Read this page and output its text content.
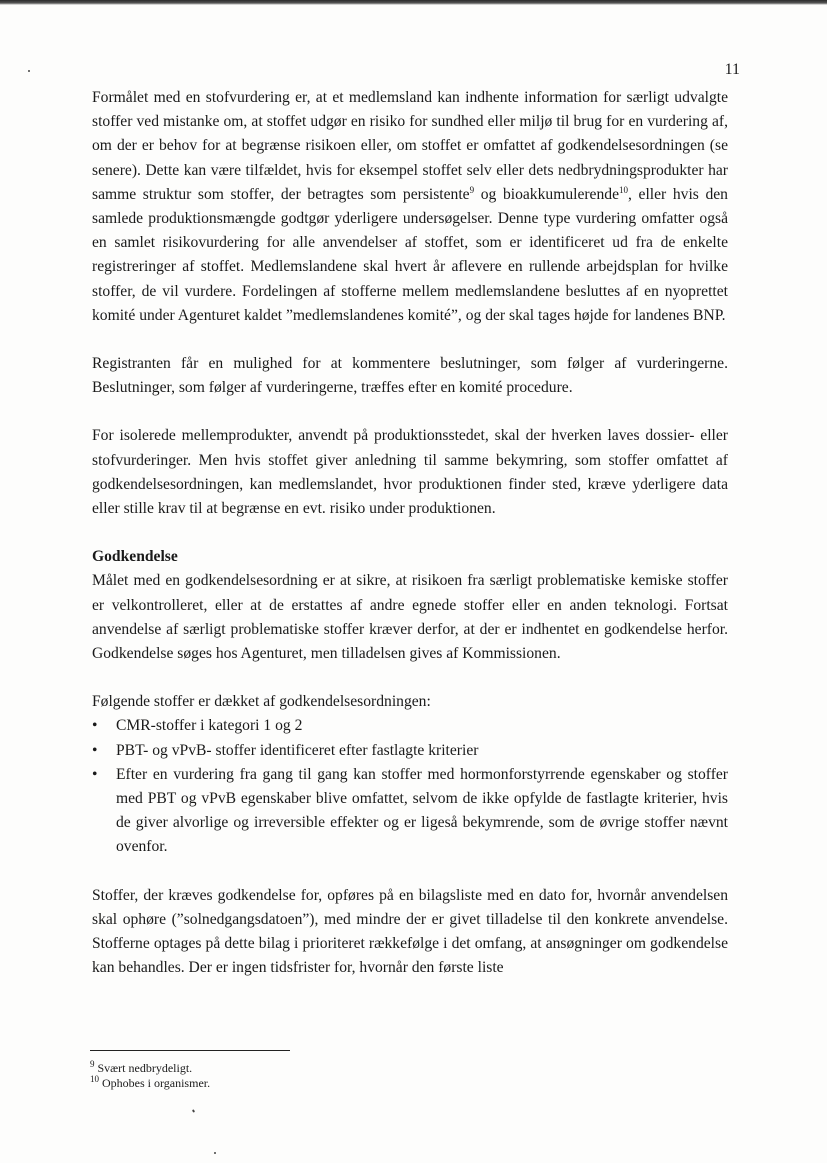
11

Formålet med en stofvurdering er, at et medlemsland kan indhente information for særligt udvalgte stoffer ved mistanke om, at stoffet udgør en risiko for sundhed eller miljø til brug for en vurdering af, om der er behov for at begrænse risikoen eller, om stoffet er omfattet af godkendelsesordningen (se senere). Dette kan være tilfældet, hvis for eksempel stoffet selv eller dets nedbrydningsprodukter har samme struktur som stoffer, der betragtes som persistente$^9$ og bioakkumulerende$^{10}$, eller hvis den samlede produktionsmængde godtgør yderligere undersøgelser. Denne type vurdering omfatter også en samlet risikovurdering for alle anvendelser af stoffet, som er identificeret ud fra de enkelte registreringer af stoffet. Medlemslandene skal hvert år aflevere en rullende arbejdsplan for hvilke stoffer, de vil vurdere. Fordelingen af stofferne mellem medlemslandene besluttes af en nyoprettet komité under Agenturet kaldet ”medlemslandenes komité”, og der skal tages højde for landenes BNP.

Registranten får en mulighed for at kommentere beslutninger, som følger af vurderingerne. Beslutninger, som følger af vurderingerne, træffes efter en komité procedure.

For isolerede mellemprodukter, anvendt på produktionsstedet, skal der hverken laves dossier- eller stofvurderinger. Men hvis stoffet giver anledning til samme bekymring, som stoffer omfattet af godkendelsesordningen, kan medlemslandet, hvor produktionen finder sted, kræve yderligere data eller stille krav til at begrænse en evt. risiko under produktionen.

Godkendelse

Målet med en godkendelsesordning er at sikre, at risikoen fra særligt problematiske kemiske stoffer er velkontrolleret, eller at de erstattes af andre egnede stoffer eller en anden teknologi. Fortsat anvendelse af særligt problematiske stoffer kræver derfor, at der er indhentet en godkendelse herfor. Godkendelse søges hos Agenturet, men tilladelsen gives af Kommissionen.

Følgende stoffer er dækket af godkendelsesordningen:

• CMR-stoffer i kategori 1 og 2
• PBT- og vPvB- stoffer identificeret efter fastlagte kriterier
• Efter en vurdering fra gang til gang kan stoffer med hormonforstyrrende egenskaber og stoffer med PBT og vPvB egenskaber blive omfattet, selvom de ikke opfylde de fastlagte kriterier, hvis de giver alvorlige og irreversible effekter og er ligeså bekymrende, som de øvrige stoffer nævnt ovenfor.

Stoffer, der kræves godkendelse for, opføres på en bilagsliste med en dato for, hvornår anvendelsen skal ophøre (”solnedgangsdatoen”), med mindre der er givet tilladelse til den konkrete anvendelse. Stofferne optages på dette bilag i prioriteret rækkefølge i det omfang, at ansøgninger om godkendelse kan behandles. Der er ingen tidsfrister for, hvornår den første liste

$^9$ Svært nedbrydeligt.
$^{10}$ Ophobes i organismer.
